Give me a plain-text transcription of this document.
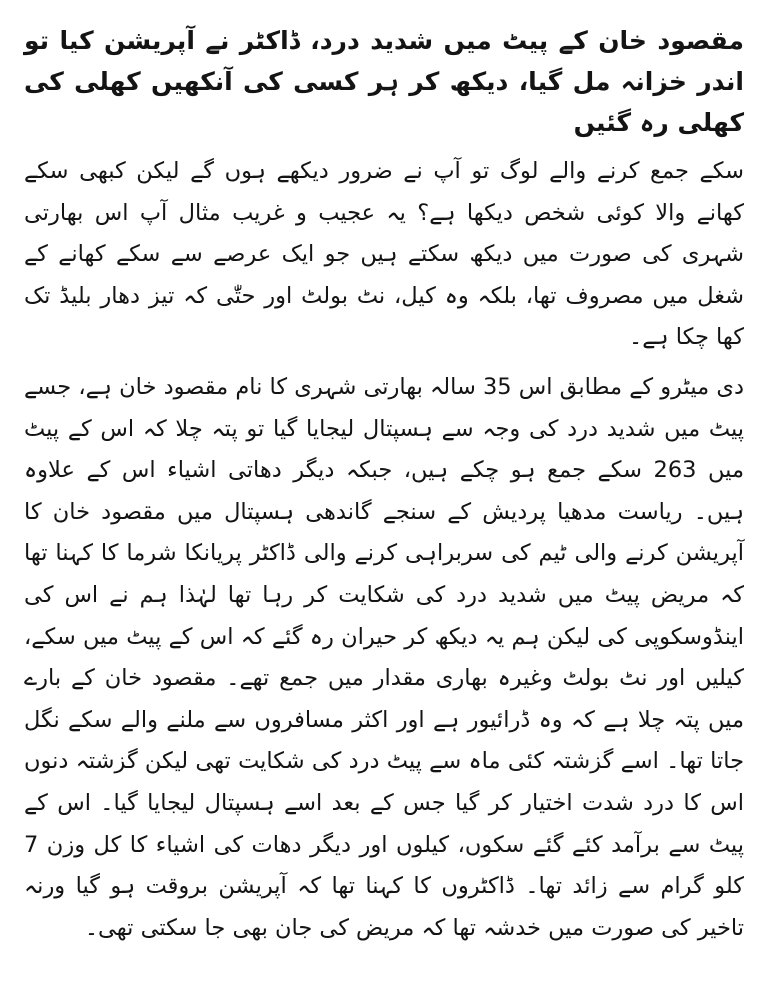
مقصود خان کے پیٹ میں شدید درد، ڈاکٹر نے آپریشن کیا تو اندر خزانہ مل گیا، دیکھ کر ہر کسی کی آنکھیں کھلی کی کھلی رہ گئیں

سکے جمع کرنے والے لوگ تو آپ نے ضرور دیکھے ہوں گے لیکن کبھی سکے کھانے والا کوئی شخص دیکھا ہے؟ یہ عجیب و غریب مثال آپ اس بھارتی شہری کی صورت میں دیکھ سکتے ہیں جو ایک عرصے سے سکے کھانے کے شغل میں مصروف تھا، بلکہ وہ کیل، نٹ بولٹ اور حتّٰی کہ تیز دھار بلیڈ تک کھا چکا ہے۔

دی میٹرو کے مطابق اس 35 سالہ بھارتی شہری کا نام مقصود خان ہے، جسے پیٹ میں شدید درد کی وجہ سے ہسپتال لیجایا گیا تو پتہ چلا کہ اس کے پیٹ میں 263 سکے جمع ہو چکے ہیں، جبکہ دیگر دھاتی اشیاء اس کے علاوہ ہیں۔ ریاست مدھیا پردیش کے سنجے گاندھی ہسپتال میں مقصود خان کا آپریشن کرنے والی ٹیم کی سربراہی کرنے والی ڈاکٹر پریانکا شرما کا کہنا تھا کہ مریض پیٹ میں شدید درد کی شکایت کر رہا تھا لہٰذا ہم نے اس کی اینڈوسکوپی کی لیکن ہم یہ دیکھ کر حیران رہ گئے کہ اس کے پیٹ میں سکے، کیلیں اور نٹ بولٹ وغیرہ بھاری مقدار میں جمع تھے۔ مقصود خان کے بارے میں پتہ چلا ہے کہ وہ ڈرائیور ہے اور اکثر مسافروں سے ملنے والے سکے نگل جاتا تھا۔ اسے گزشتہ کئی ماہ سے پیٹ درد کی شکایت تھی لیکن گزشتہ دنوں اس کا درد شدت اختیار کر گیا جس کے بعد اسے ہسپتال لیجایا گیا۔ اس کے پیٹ سے برآمد کئے گئے سکوں، کیلوں اور دیگر دھات کی اشیاء کا کل وزن 7 کلو گرام سے زائد تھا۔ ڈاکٹروں کا کہنا تھا کہ آپریشن بروقت ہو گیا ورنہ تاخیر کی صورت میں خدشہ تھا کہ مریض کی جان بھی جا سکتی تھی۔
